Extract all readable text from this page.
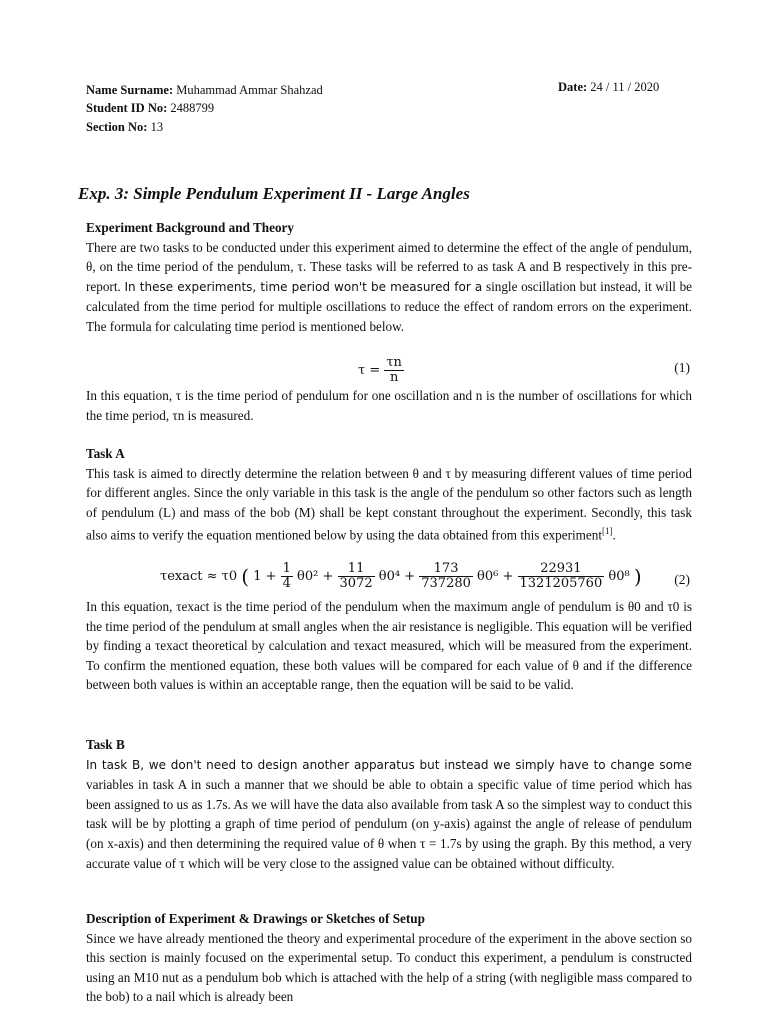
Name Surname: Muhammad Ammar Shahzad	Date: 24 / 11 / 2020
Student ID No: 2488799
Section No: 13
Exp. 3: Simple Pendulum Experiment II - Large Angles

Experiment Background and Theory

There are two tasks to be conducted under this experiment aimed to determine the effect of the angle of pendulum, θ, on the time period of the pendulum, τ. These tasks will be referred to as task A and B respectively in this pre-report. In these experiments, time period won't be measured for a single oscillation but instead, it will be calculated from the time period for multiple oscillations to reduce the effect of random errors on the experiment. The formula for calculating time period is mentioned below.

$\tau = \frac{\tau n}{n}$	(1)
In this equation, τ is the time period of pendulum for one oscillation and n is the number of oscillations for which the time period, τn is measured.

Task A

This task is aimed to directly determine the relation between θ and τ by measuring different values of time period for different angles. Since the only variable in this task is the angle of the pendulum so other factors such as length of pendulum (L) and mass of the bob (M) shall be kept constant throughout the experiment. Secondly, this task also aims to verify the equation mentioned below by using the data obtained from this experiment[1].

τexact ≈ τ0 ( $1 + \frac{1}{4} \theta 0^2 + \frac{11}{3072} \theta 0^4 + \frac{173}{737280} \theta 0^6 + \frac{22931}{1321205760} \theta 0^8$ ) (2)
In this equation, τexact is the time period of the pendulum when the maximum angle of pendulum is θ0 and τ0 is the time period of the pendulum at small angles when the air resistance is negligible. This equation will be verified by finding a τexact theoretical by calculation and τexact measured, which will be measured from the experiment. To confirm the mentioned equation, these both values will be compared for each value of θ and if the difference between both values is within an acceptable range, then the equation will be said to be valid.

Task B

In task B, we don't need to design another apparatus but instead we simply have to change some variables in task A in such a manner that we should be able to obtain a specific value of time period which has been assigned to us as 1.7s. As we will have the data also available from task A so the simplest way to conduct this task will be by plotting a graph of time period of pendulum (on y-axis) against the angle of release of pendulum (on x-axis) and then determining the required value of θ when τ = 1.7s by using the graph. By this method, a very accurate value of τ which will be very close to the assigned value can be obtained without difficulty.

Description of Experiment & Drawings or Sketches of Setup

Since we have already mentioned the theory and experimental procedure of the experiment in the above section so this section is mainly focused on the experimental setup. To conduct this experiment, a pendulum is constructed using an M10 nut as a pendulum bob which is attached with the help of a string (with negligible mass compared to the bob) to a nail which is already been
